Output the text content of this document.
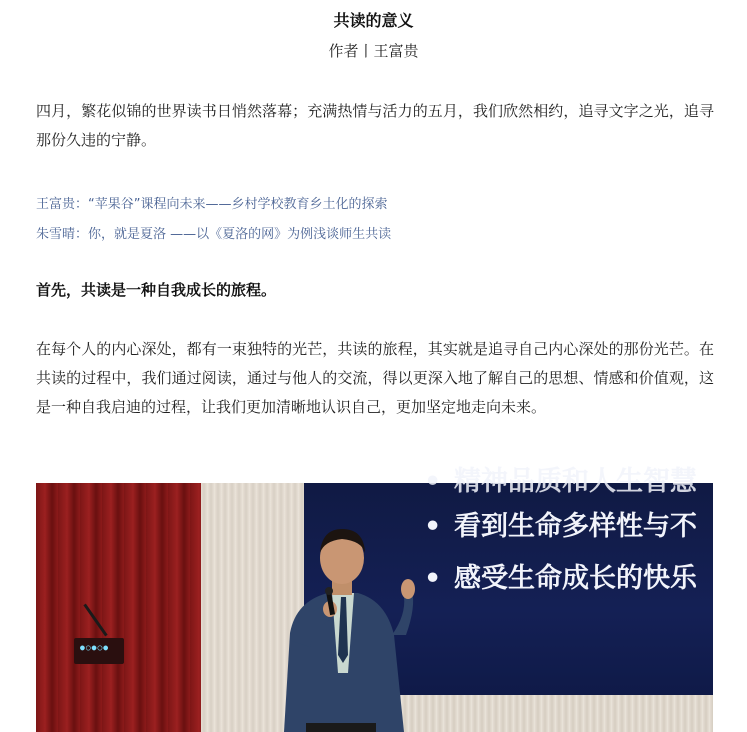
共读的意义
作者丨王富贵

四月，繁花似锦的世界读书日悄然落幕；充满热情与活力的五月，我们欣然相约，追寻文字之光，追寻那份久违的宁静。

王富贵：“苹果谷”课程向未来——乡村学校教育乡土化的探索
朱雪晴：你，就是夏洛 ——以《夏洛的网》为例浅谈师生共读
首先，共读是一种自我成长的旅程。

在每个人的内心深处，都有一束独特的光芒，共读的旅程，其实就是追寻自己内心深处的那份光芒。在共读的过程中，我们通过阅读，通过与他人的交流，得以更深入地了解自己的思想、情感和价值观，这是一种自我启迪的过程，让我们更加清晰地认识自己，更加坚定地走向未来。

• 精神品质和人生智慧
• 看到生命多样性与不
• 感受生命成长的快乐
●○●○●
